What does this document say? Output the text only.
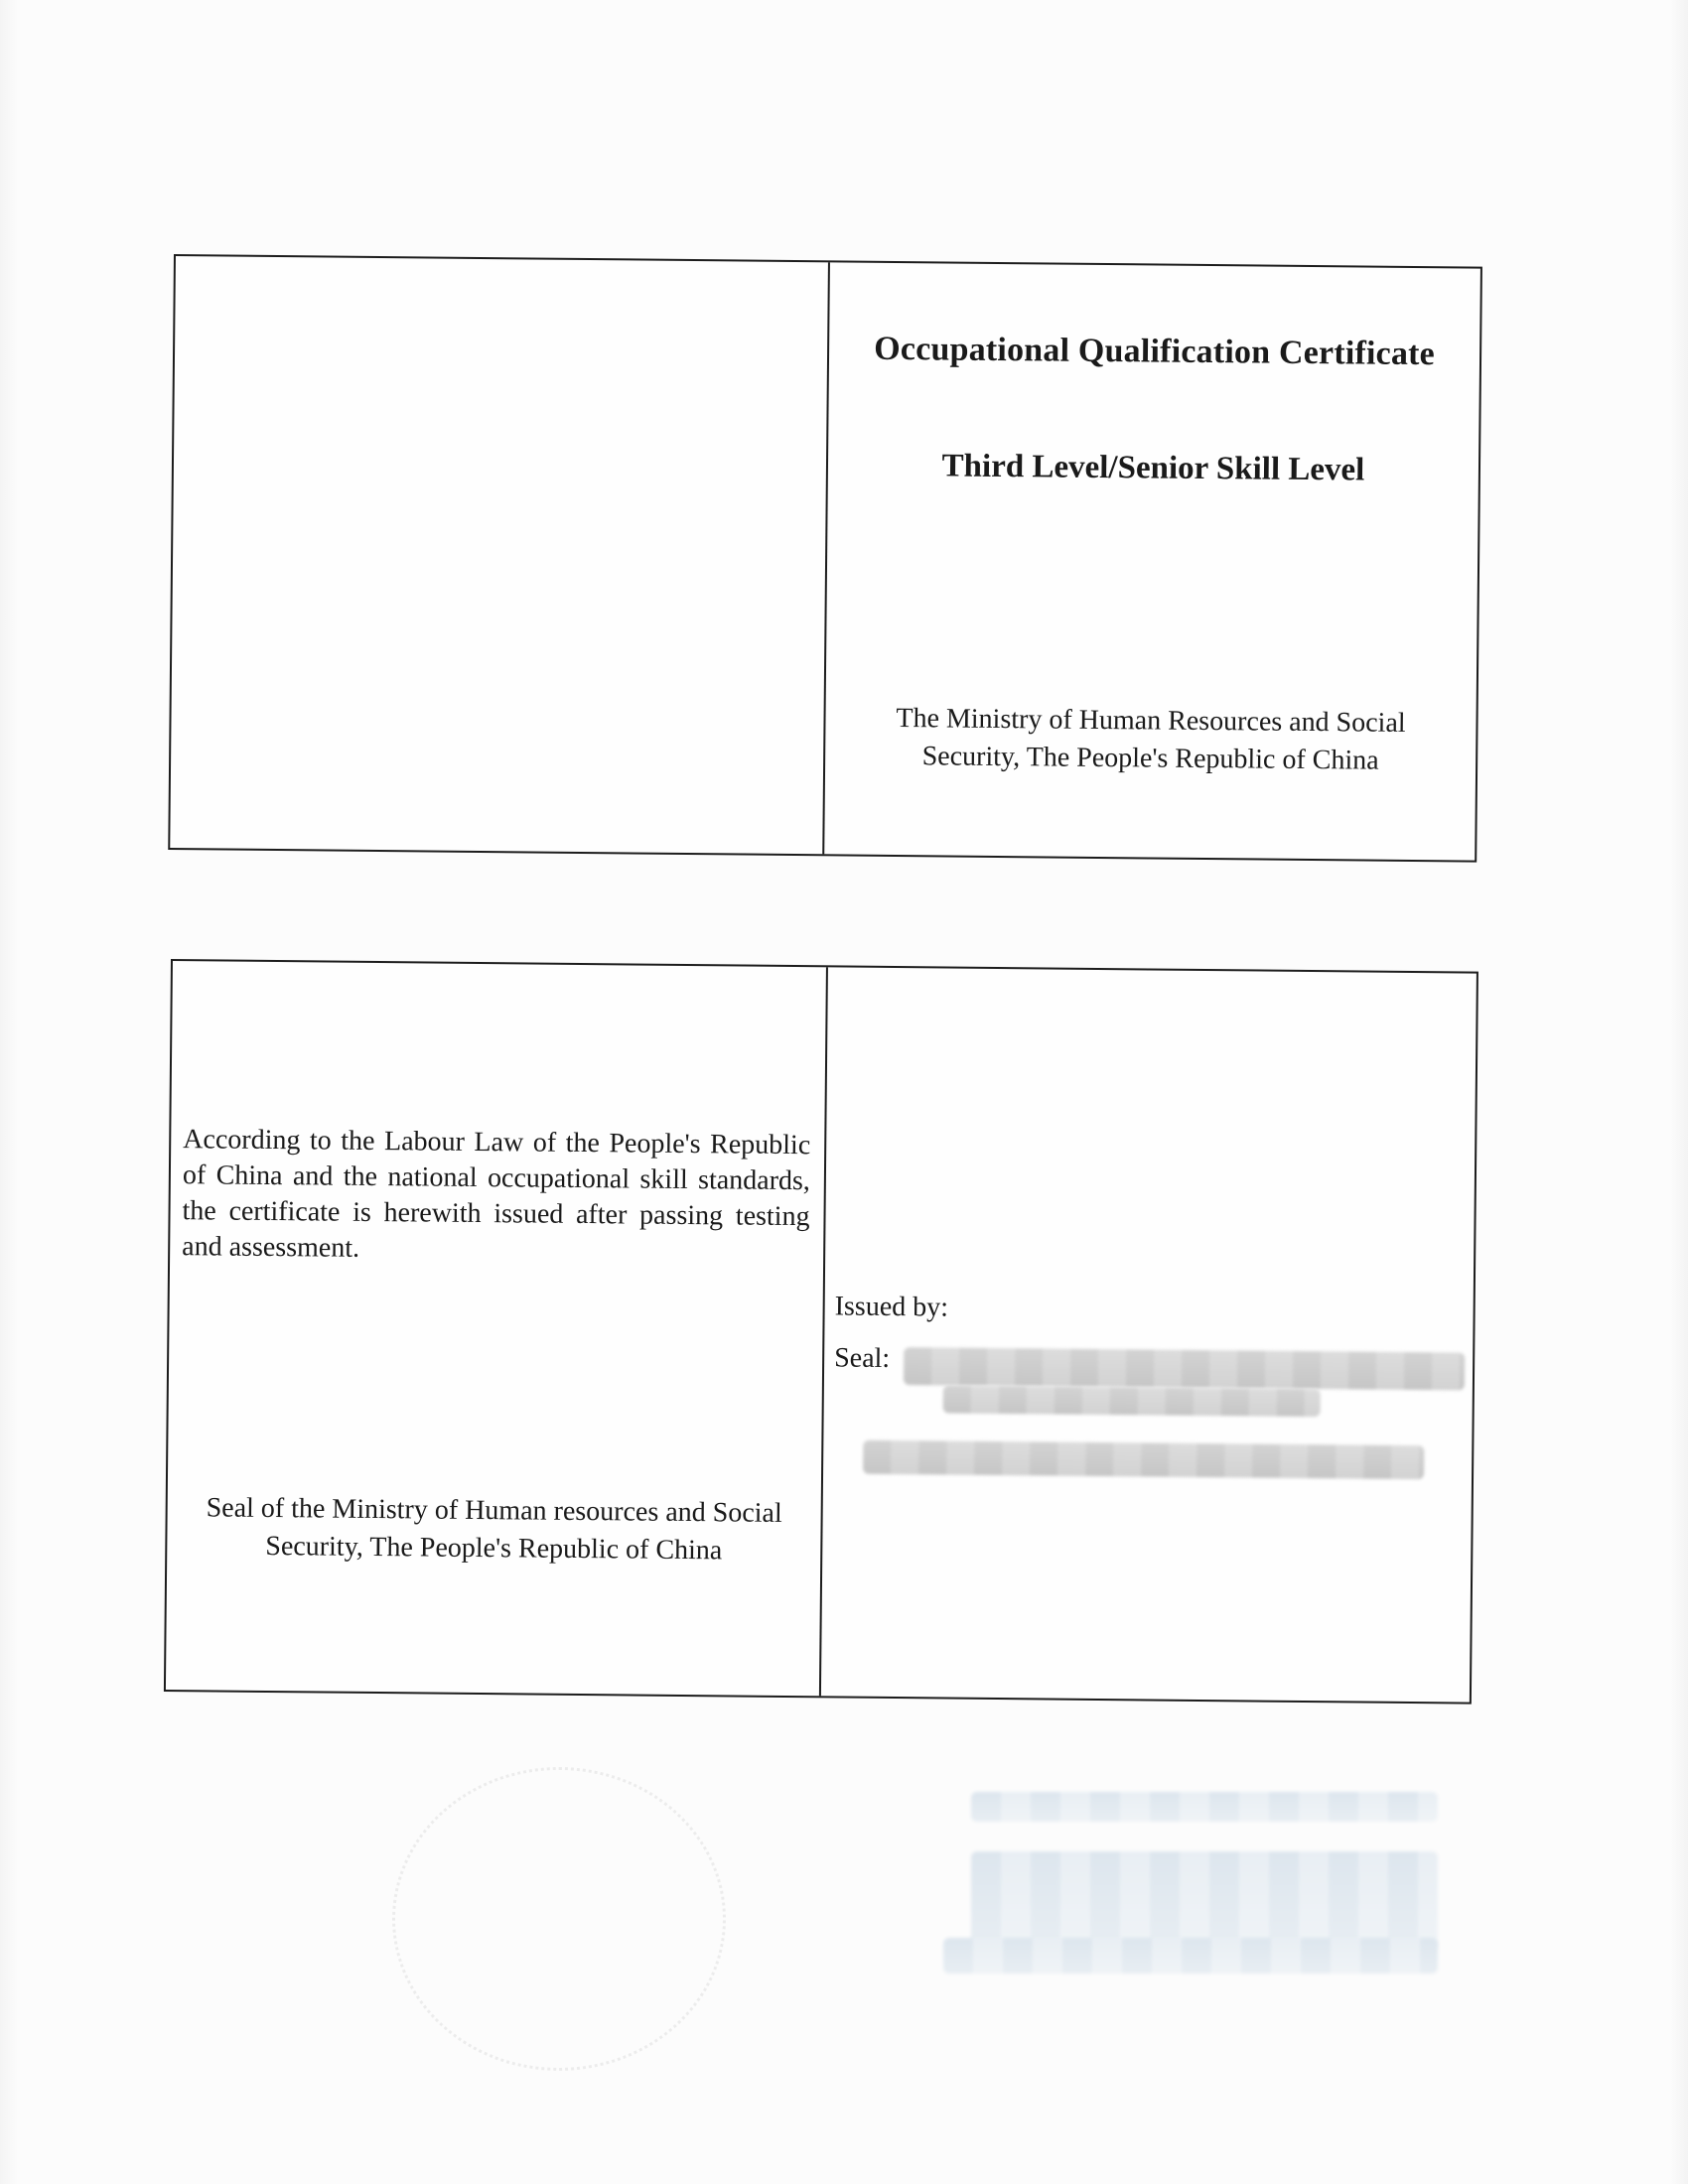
Occupational Qualification Certificate
Third Level/Senior Skill Level
The Ministry of Human Resources and Social Security, The People's Republic of China
According to the Labour Law of the People's Republic of China and the national occupational skill standards, the certificate is herewith issued after passing testing and assessment.
Seal of the Ministry of Human resources and Social Security, The People's Republic of China
Issued by:
Seal:
